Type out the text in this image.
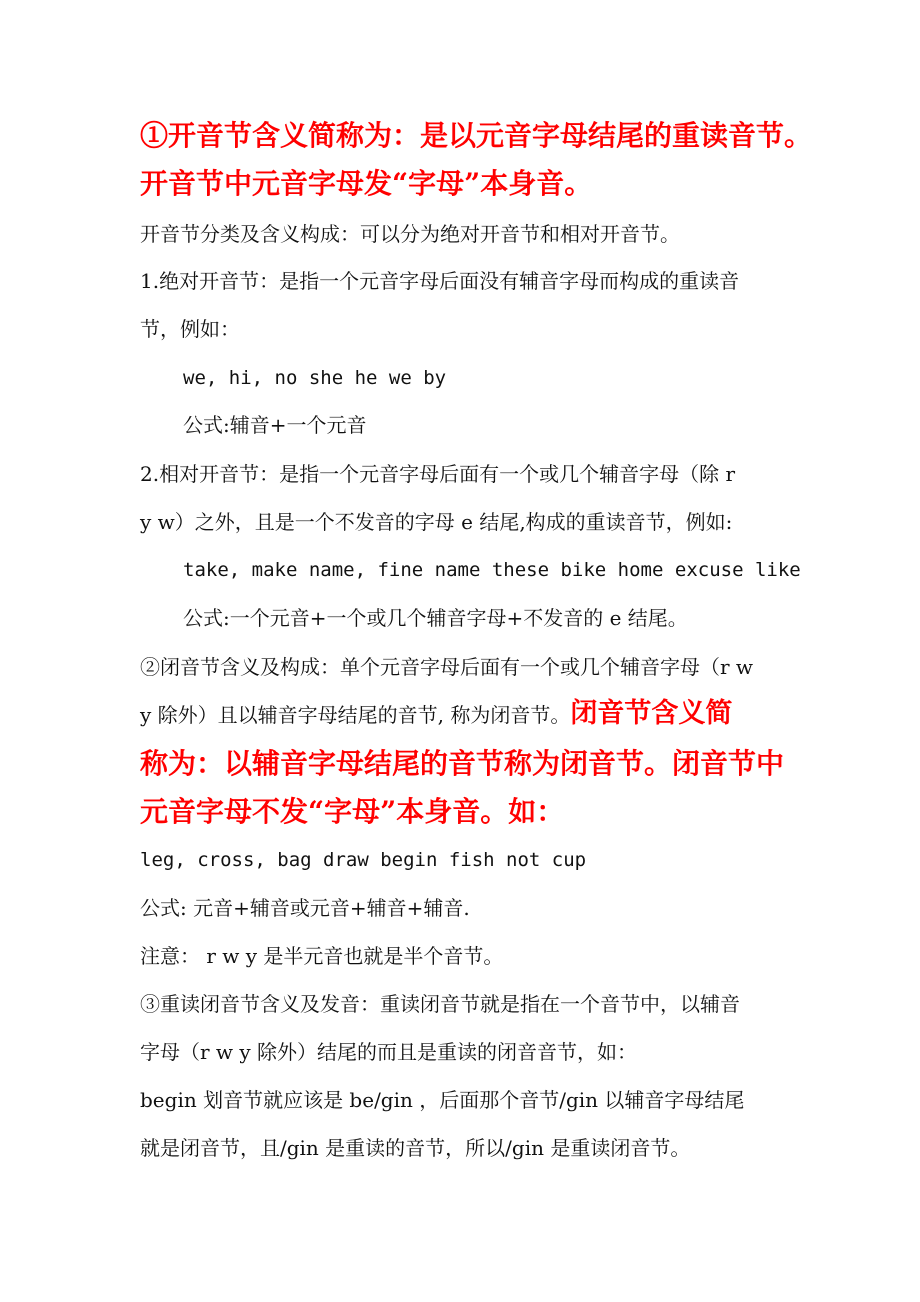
①开音节含义简称为：是以元音字母结尾的重读音节。
开音节中元音字母发“字母”本身音。
开音节分类及含义构成：可以分为绝对开音节和相对开音节。
1.绝对开音节：是指一个元音字母后面没有辅音字母而构成的重读音
节，例如：
we, hi, no she he we by
公式:辅音+一个元音
2.相对开音节：是指一个元音字母后面有一个或几个辅音字母（除 r
y w）之外，且是一个不发音的字母 e 结尾,构成的重读音节，例如:
take, make name, fine name these bike home excuse like
公式:一个元音+一个或几个辅音字母+不发音的 e 结尾。
②闭音节含义及构成：单个元音字母后面有一个或几个辅音字母（r w
y 除外）且以辅音字母结尾的音节, 称为闭音节。闭音节含义简
称为：以辅音字母结尾的音节称为闭音节。闭音节中
元音字母不发“字母”本身音。如：
leg, cross, bag draw begin fish not cup
公式: 元音+辅音或元音+辅音+辅音.
注意： r w y 是半元音也就是半个音节。
③重读闭音节含义及发音：重读闭音节就是指在一个音节中，以辅音
字母（r w y 除外）结尾的而且是重读的闭音音节，如：
begin 划音节就应该是 be/gin ，后面那个音节/gin 以辅音字母结尾
就是闭音节，且/gin 是重读的音节，所以/gin 是重读闭音节。
